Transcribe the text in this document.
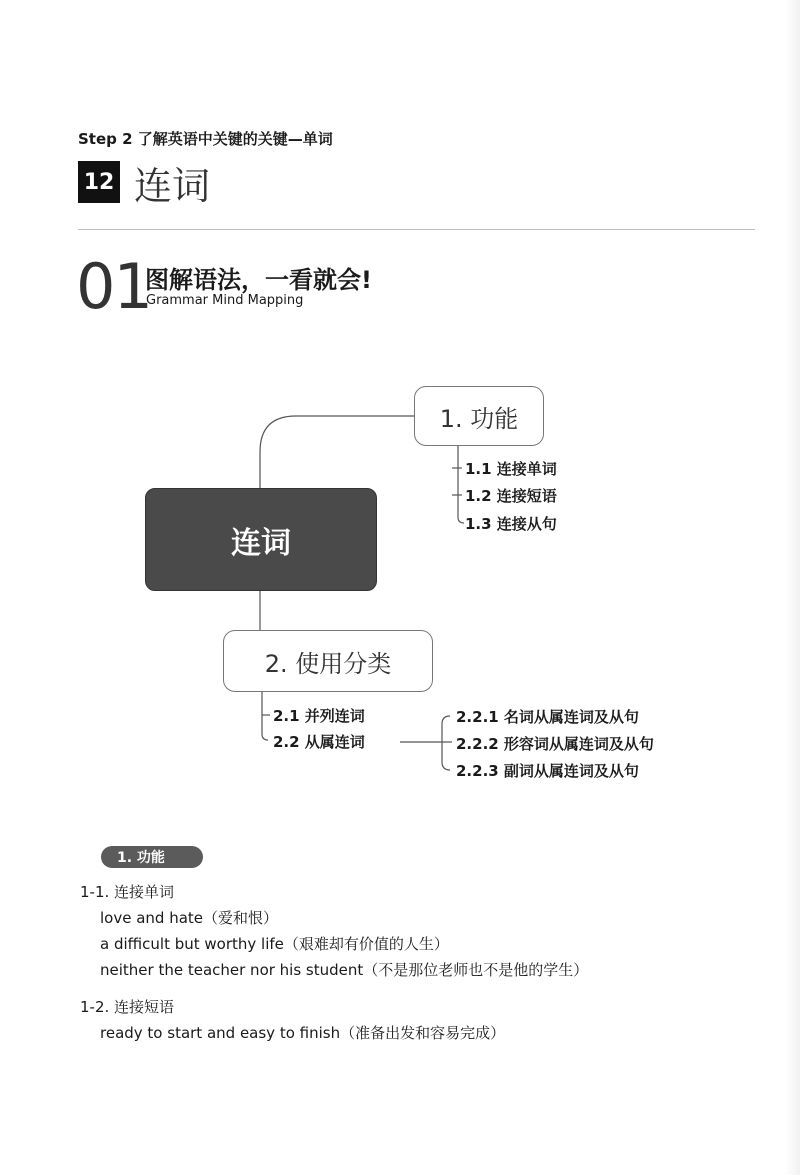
Step 2 了解英语中关键的关键—单词
12 连词
01
图解语法，一看就会!
Grammar Mind Mapping
连词
1. 功能
2. 使用分类
1.1 连接单词
1.2 连接短语
1.3 连接从句
2.1 并列连词
2.2 从属连词
2.2.1 名词从属连词及从句
2.2.2 形容词从属连词及从句
2.2.3 副词从属连词及从句
1. 功能
1-1. 连接单词
love and hate（爱和恨）
a difficult but worthy life（艰难却有价值的人生）
neither the teacher nor his student（不是那位老师也不是他的学生）
1-2. 连接短语
ready to start and easy to finish（准备出发和容易完成）
